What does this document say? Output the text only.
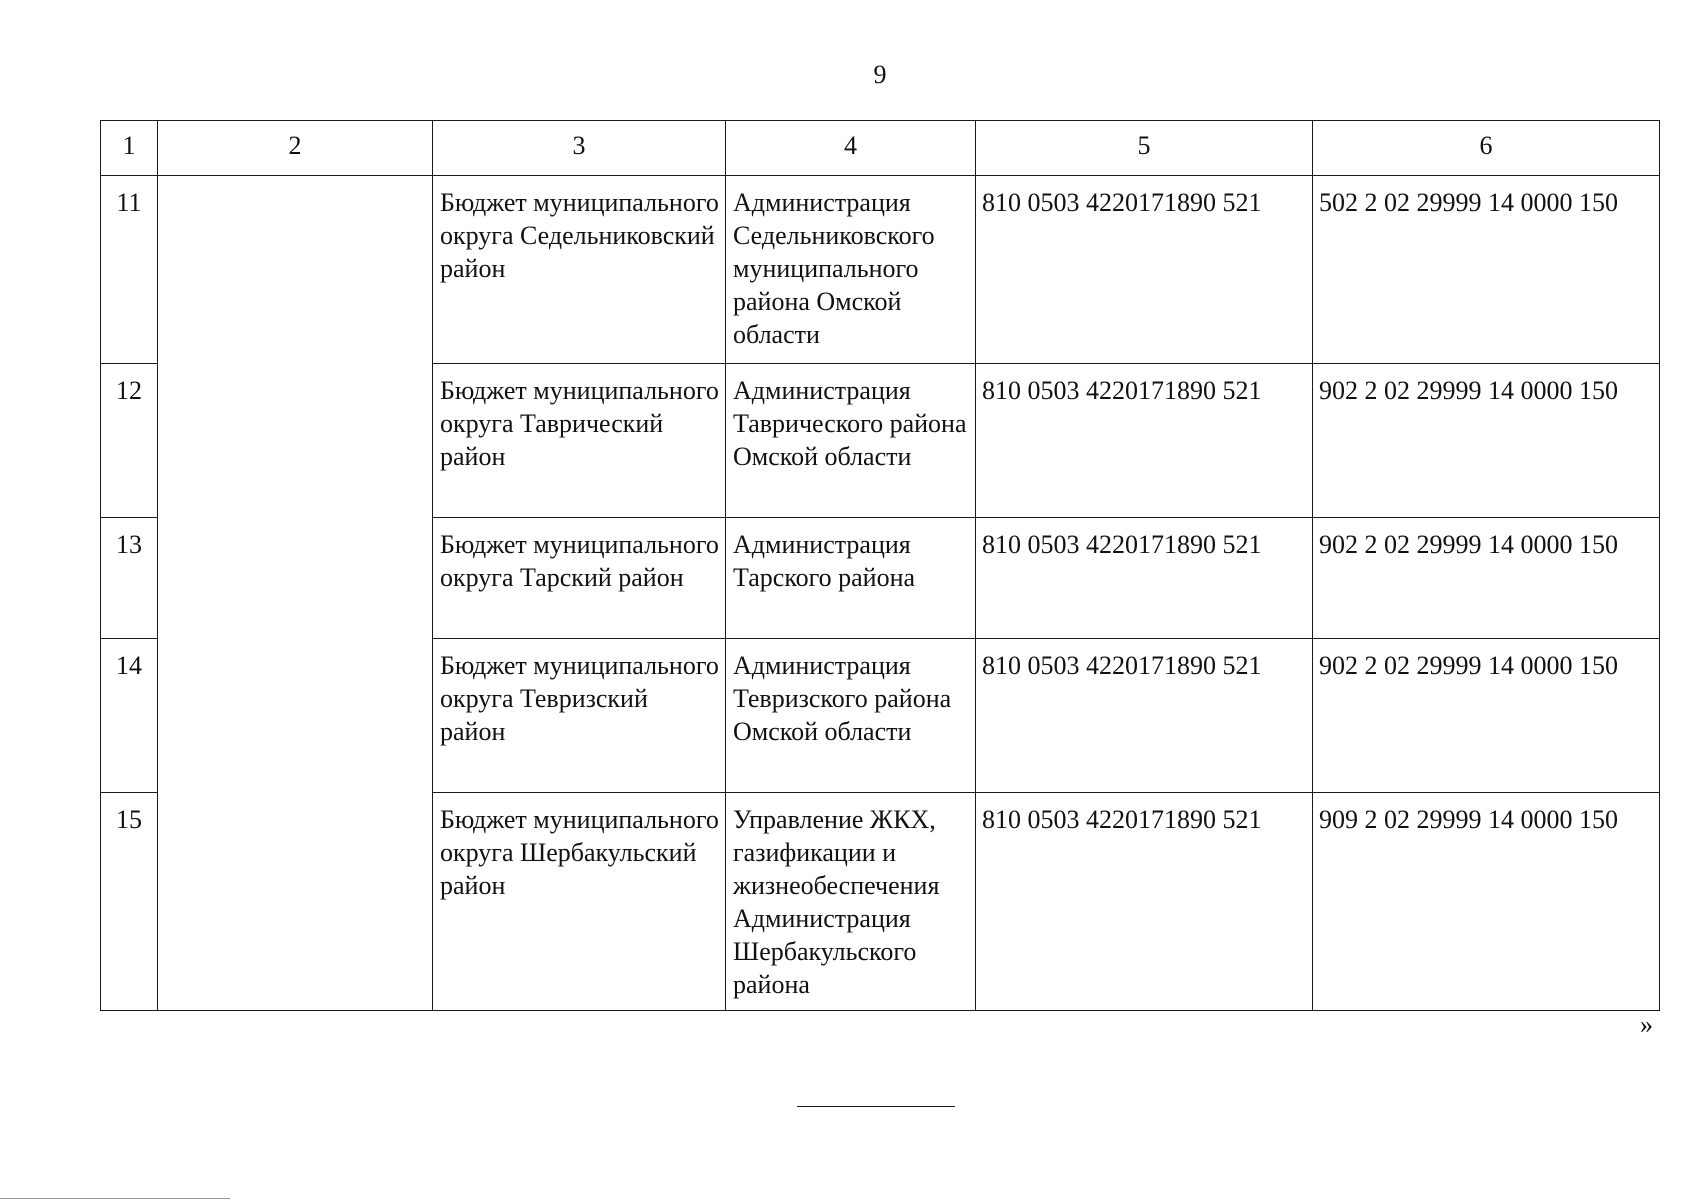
9
1	2	3	4	5	6
11		Бюджет муниципального округа Седельниковский район	Администрация Седельниковского муниципального района Омской области	810 0503 4220171890 521	502 2 02 29999 14 0000 150
12		Бюджет муниципального округа Таврический район	Администрация Таврического района Омской области	810 0503 4220171890 521	902 2 02 29999 14 0000 150
13		Бюджет муниципального округа Тарский район	Администрация Тарского района	810 0503 4220171890 521	902 2 02 29999 14 0000 150
14		Бюджет муниципального округа Тевризский район	Администрация Тевризского района Омской области	810 0503 4220171890 521	902 2 02 29999 14 0000 150
15		Бюджет муниципального округа Шербакульский район	Управление ЖКХ, газификации и жизнеобеспечения Администрация Шербакульского района	810 0503 4220171890 521	909 2 02 29999 14 0000 150
»
